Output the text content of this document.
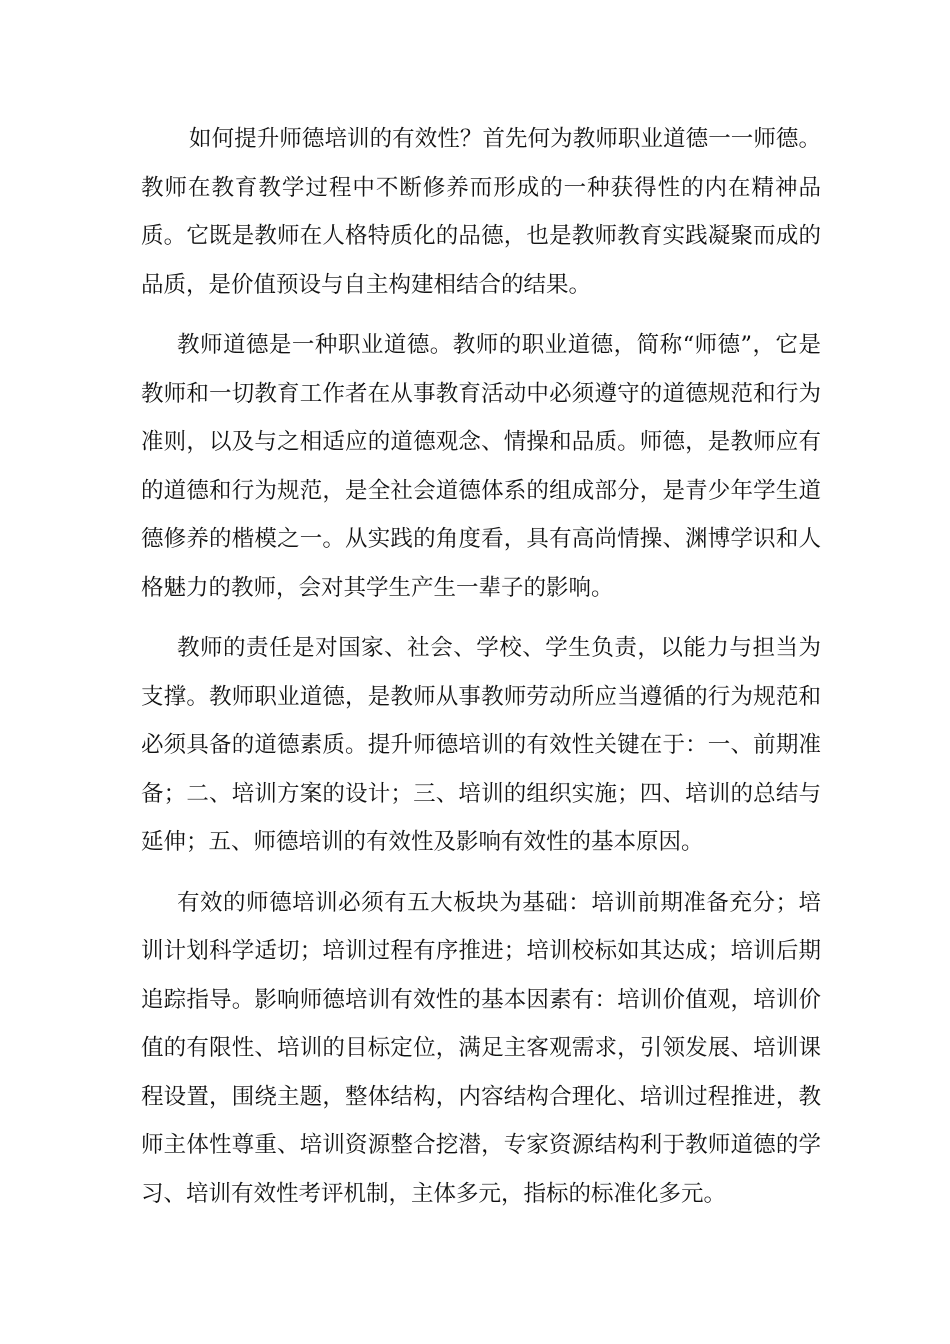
如何提升师德培训的有效性？首先何为教师职业道德一一师德。教师在教育教学过程中不断修养而形成的一种获得性的内在精神品质。它既是教师在人格特质化的品德，也是教师教育实践凝聚而成的品质，是价值预设与自主构建相结合的结果。

教师道德是一种职业道德。教师的职业道德，简称“师德”，它是教师和一切教育工作者在从事教育活动中必须遵守的道德规范和行为准则，以及与之相适应的道德观念、情操和品质。师德，是教师应有的道德和行为规范，是全社会道德体系的组成部分，是青少年学生道德修养的楷模之一。从实践的角度看，具有高尚情操、渊博学识和人格魅力的教师，会对其学生产生一辈子的影响。

教师的责任是对国家、社会、学校、学生负责，以能力与担当为支撑。教师职业道德，是教师从事教师劳动所应当遵循的行为规范和必须具备的道德素质。提升师德培训的有效性关键在于：一、前期准备；二、培训方案的设计；三、培训的组织实施；四、培训的总结与延伸；五、师德培训的有效性及影响有效性的基本原因。

有效的师德培训必须有五大板块为基础：培训前期准备充分；培训计划科学适切；培训过程有序推进；培训校标如其达成；培训后期追踪指导。影响师德培训有效性的基本因素有：培训价值观，培训价值的有限性、培训的目标定位，满足主客观需求，引领发展、培训课程设置，围绕主题，整体结构，内容结构合理化、培训过程推进，教师主体性尊重、培训资源整合挖潜，专家资源结构利于教师道德的学习、培训有效性考评机制，主体多元，指标的标准化多元。
